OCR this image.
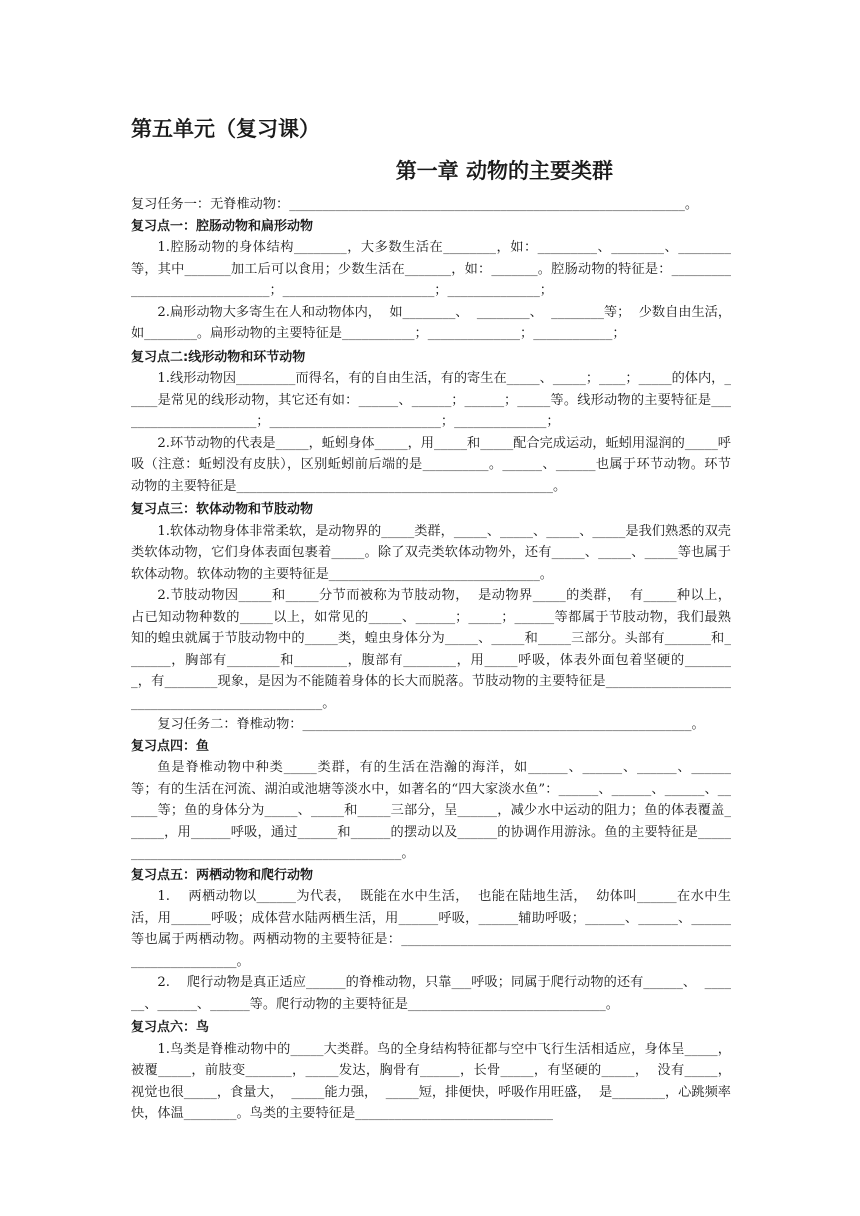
第五单元（复习课）
第一章 动物的主要类群

复习任务一：无脊椎动物：____________________________________________________________。

复习点一：腔肠动物和扁形动物

1.腔肠动物的身体结构________，大多数生活在________，如：_________、________、________等，其中_______加工后可以食用；少数生活在_______，如：_______。腔肠动物的特征是：______________________________；_______________________；______________；

2.扁形动物大多寄生在人和动物体内，  如________、  ________、  ________等；  少数自由生活，  如________。扁形动物的主要特征是___________；______________；____________；

复习点二:线形动物和环节动物

1.线形动物因_________而得名，有的自由生活，有的寄生在_____、_____；____；_____的体内，_____是常见的线形动物，其它还有如：______、______；______；_____等。线形动物的主要特征是______________________；__________________________；______________；

2.环节动物的代表是_____，蚯蚓身体_____，用_____和_____配合完成运动，蚯蚓用湿润的_____呼吸（注意：蚯蚓没有皮肤），区别蚯蚓前后端的是__________。______、______也属于环节动物。环节动物的主要特征是________________________________________________。

复习点三：软体动物和节肢动物

1.软体动物身体非常柔软，是动物界的_____类群，_____、_____、_____、_____是我们熟悉的双壳类软体动物，它们身体表面包裹着_____。除了双壳类软体动物外，还有_____、_____、_____等也属于软体动物。软体动物的主要特征是________________________________。

2.节肢动物因_____和_____分节而被称为节肢动物，  是动物界_____的类群，  有_____种以上，  占已知动物种数的_____以上，如常见的_____、______；_____；______等都属于节肢动物，我们最熟知的蝗虫就属于节肢动物中的_____类，蝗虫身体分为_____、_____和_____三部分。头部有_______和_______，胸部有________和________，腹部有________，用_____呼吸，体表外面包着坚硬的________，有________现象，是因为不能随着身体的长大而脱落。节肢动物的主要特征是________________________________________________。

复习任务二：脊椎动物：___________________________________________________________。

复习点四：鱼

鱼是脊椎动物中种类_____类群，有的生活在浩瀚的海洋，如______、______、______、______  等；有的生活在河流、湖泊或池塘等淡水中，如著名的“四大家淡水鱼”：______、______、______、______等；鱼的身体分为_____、_____和_____三部分，呈______，减少水中运动的阻力；鱼的体表覆盖______，用______呼吸，通过______和______的摆动以及______的协调作用游泳。鱼的主要特征是______________________________________________。

复习点五：两栖动物和爬行动物

1.    两栖动物以______为代表，  既能在水中生活，  也能在陆地生活，  幼体叫______在水中生活，用______呼吸；成体营水陆两栖生活，用______呼吸，______辅助呼吸；______、______、______等也属于两栖动物。两栖动物的主要特征是：__________________________________________________________________。

2.    爬行动物是真正适应______的脊椎动物，只靠___呼吸；同属于爬行动物的还有______、  ______、______、______等。爬行动物的主要特征是______________________________。

复习点六：鸟

1.鸟类是脊椎动物中的_____大类群。鸟的全身结构特征都与空中飞行生活相适应，身体呈_____，被覆_____，前肢变_______，_____发达，胸骨有______，长骨_____，有坚硬的_____，  没有_____，视觉也很_____，食量大，  _____能力强，  _____短，排便快，呼吸作用旺盛，  是________，心跳频率快，体温________。鸟类的主要特征是______________________________
